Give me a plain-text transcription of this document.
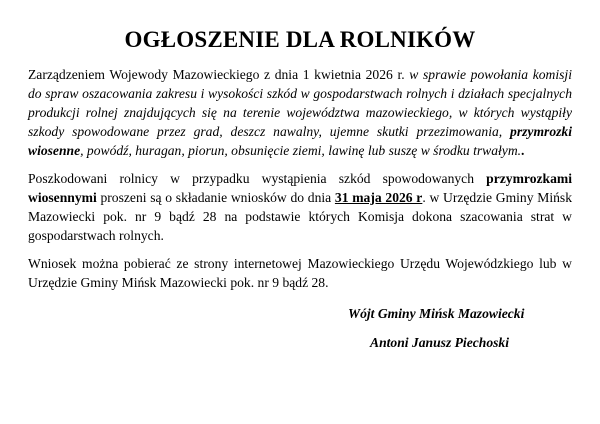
OGŁOSZENIE DLA ROLNIKÓW

Zarządzeniem Wojewody Mazowieckiego z dnia 1 kwietnia 2026 r. w sprawie powołania komisji do spraw oszacowania zakresu i wysokości szkód w gospodarstwach rolnych i działach specjalnych produkcji rolnej znajdujących się na terenie województwa mazowieckiego, w których wystąpiły szkody spowodowane przez grad, deszcz nawalny, ujemne skutki przezimowania, przymrozki wiosenne, powódź, huragan, piorun, obsunięcie ziemi, lawinę lub suszę w środku trwałym..

Poszkodowani rolnicy w przypadku wystąpienia szkód spowodowanych przymrozkami wiosennymi proszeni są o składanie wniosków do dnia 31 maja 2026 r. w Urzędzie Gminy Mińsk Mazowiecki pok. nr 9 bądź 28 na podstawie których Komisja dokona szacowania strat w gospodarstwach rolnych.

Wniosek można pobierać ze strony internetowej Mazowieckiego Urzędu Wojewódzkiego lub w Urzędzie Gminy Mińsk Mazowiecki pok. nr 9 bądź 28.

Wójt Gminy Mińsk Mazowiecki
Antoni Janusz Piechoski
